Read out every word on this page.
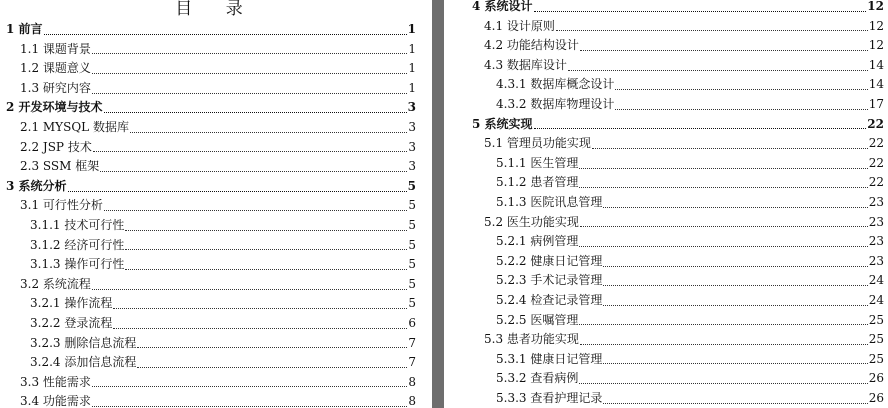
目 录
1 前言	1
1.1 课题背景	1
1.2 课题意义	1
1.3 研究内容	1
2 开发环境与技术	3
2.1 MYSQL 数据库	3
2.2 JSP 技术	3
2.3 SSM 框架	3
3 系统分析	5
3.1 可行性分析	5
3.1.1 技术可行性	5
3.1.2 经济可行性	5
3.1.3 操作可行性	5
3.2 系统流程	5
3.2.1 操作流程	5
3.2.2 登录流程	6
3.2.3 删除信息流程	7
3.2.4 添加信息流程	7
3.3 性能需求	8
3.4 功能需求	8
4 系统设计	12
4.1 设计原则	12
4.2 功能结构设计	12
4.3 数据库设计	14
4.3.1 数据库概念设计	14
4.3.2 数据库物理设计	17
5 系统实现	22
5.1 管理员功能实现	22
5.1.1 医生管理	22
5.1.2 患者管理	22
5.1.3 医院讯息管理	23
5.2 医生功能实现	23
5.2.1 病例管理	23
5.2.2 健康日记管理	23
5.2.3 手术记录管理	24
5.2.4 检查记录管理	24
5.2.5 医嘱管理	25
5.3 患者功能实现	25
5.3.1 健康日记管理	25
5.3.2 查看病例	26
5.3.3 查看护理记录	26
